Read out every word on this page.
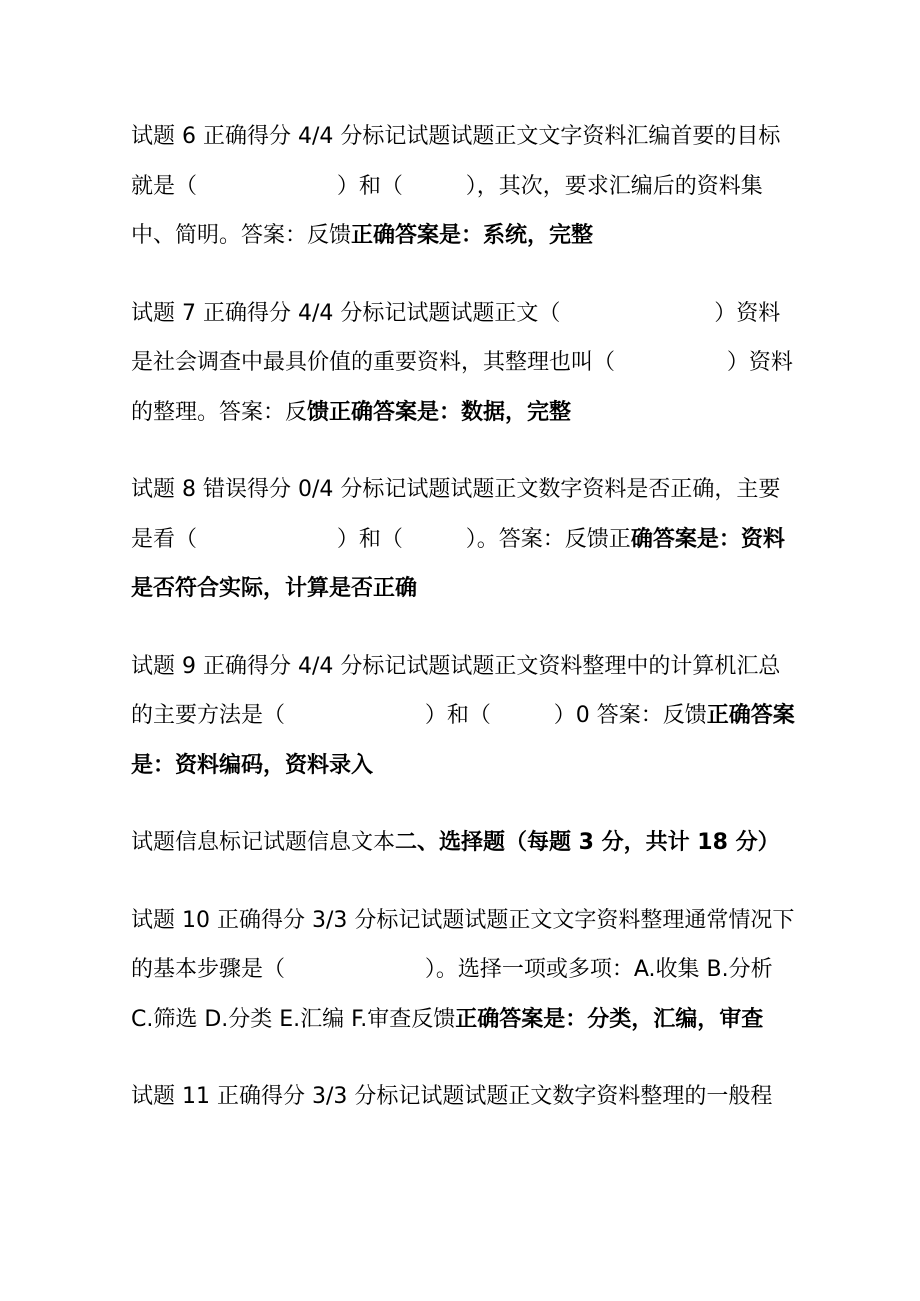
试题 6 正确得分 4/4 分标记试题试题正文文字资料汇编首要的目标就是（                    ）和（         ），其次，要求汇编后的资料集中、简明。答案：反馈正确答案是：系统，完整

试题 7 正确得分 4/4 分标记试题试题正文（                      ）资料是社会调查中最具价值的重要资料，其整理也叫（                ）资料的整理。答案：反馈正确答案是：数据，完整

试题 8 错误得分 0/4 分标记试题试题正文数字资料是否正确，主要是看（                    ）和（         ）。答案：反馈正确答案是：资料是否符合实际，计算是否正确

试题 9 正确得分 4/4 分标记试题试题正文资料整理中的计算机汇总的主要方法是（                    ）和（         ）0 答案：反馈正确答案是：资料编码，资料录入

试题信息标记试题信息文本二、选择题（每题 3 分，共计 18 分）

试题 10 正确得分 3/3 分标记试题试题正文文字资料整理通常情况下的基本步骤是（                    ）。选择一项或多项：A.收集 B.分析 C.筛选 D.分类 E.汇编 F.审查反馈正确答案是：分类，汇编，审查

试题 11 正确得分 3/3 分标记试题试题正文数字资料整理的一般程
